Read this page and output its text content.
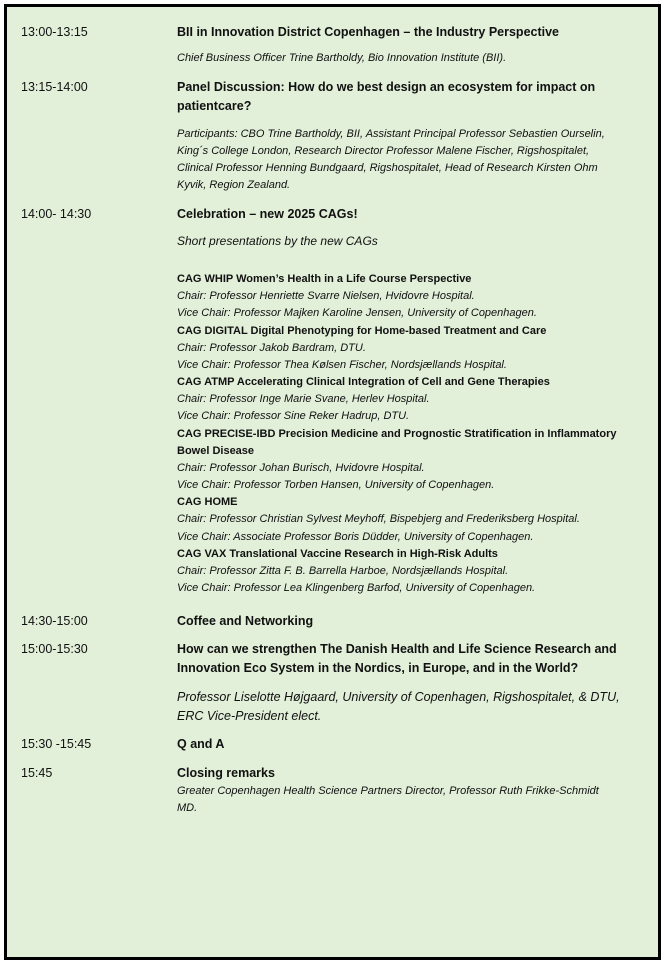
13:00-13:15	BII in Innovation District Copenhagen – the Industry Perspective
Chief Business Officer Trine Bartholdy, Bio Innovation Institute (BII).
13:15-14:00	Panel Discussion: How do we best design an ecosystem for impact on
patientcare?
Participants: CBO Trine Bartholdy, BII, Assistant Principal Professor Sebastien Ourselin,
King´s College London, Research Director Professor Malene Fischer, Rigshospitalet,
Clinical Professor Henning Bundgaard, Rigshospitalet, Head of Research Kirsten Ohm
Kyvik, Region Zealand.
14:00- 14:30	Celebration – new 2025 CAGs!
Short presentations by the new CAGs
CAG WHIP Women’s Health in a Life Course Perspective
Chair: Professor Henriette Svarre Nielsen, Hvidovre Hospital.
Vice Chair: Professor Majken Karoline Jensen, University of Copenhagen.
CAG DIGITAL Digital Phenotyping for Home-based Treatment and Care
Chair: Professor Jakob Bardram, DTU.
Vice Chair: Professor Thea Kølsen Fischer, Nordsjællands Hospital.
CAG ATMP Accelerating Clinical Integration of Cell and Gene Therapies
Chair: Professor Inge Marie Svane, Herlev Hospital.
Vice Chair: Professor Sine Reker Hadrup, DTU.
CAG PRECISE-IBD Precision Medicine and Prognostic Stratification in Inflammatory
Bowel Disease
Chair: Professor Johan Burisch, Hvidovre Hospital.
Vice Chair: Professor Torben Hansen, University of Copenhagen.
CAG HOME
Chair: Professor Christian Sylvest Meyhoff, Bispebjerg and Frederiksberg Hospital.
Vice Chair: Associate Professor Boris Düdder, University of Copenhagen.
CAG VAX Translational Vaccine Research in High-Risk Adults
Chair: Professor Zitta F. B. Barrella Harboe, Nordsjællands Hospital.
Vice Chair: Professor Lea Klingenberg Barfod, University of Copenhagen.
14:30-15:00	Coffee and Networking
15:00-15:30	How can we strengthen The Danish Health and Life Science Research and
Innovation Eco System in the Nordics, in Europe, and in the World?
Professor Liselotte Højgaard, University of Copenhagen, Rigshospitalet, & DTU,
ERC Vice-President elect.
15:30 -15:45	Q and A
15:45	Closing remarks
Greater Copenhagen Health Science Partners Director, Professor Ruth Frikke-Schmidt
MD.
